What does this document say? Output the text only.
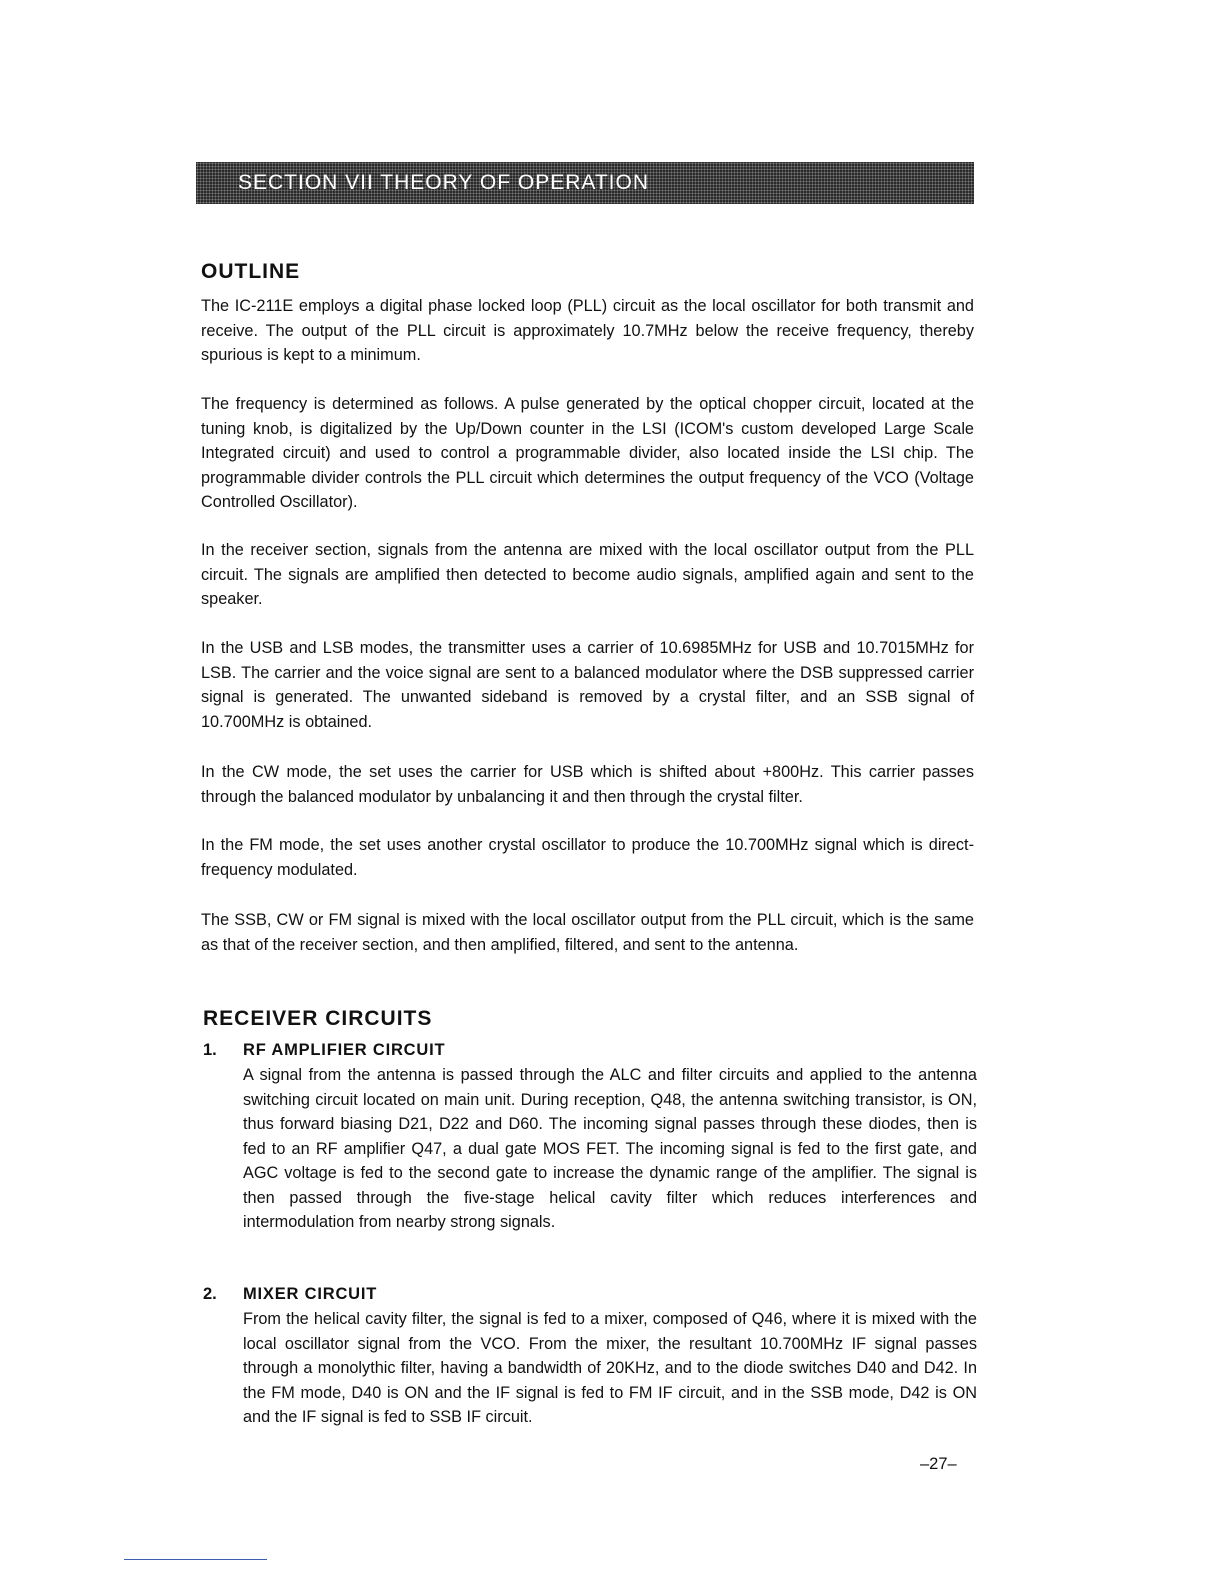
SECTION VII THEORY OF OPERATION
OUTLINE

The IC-211E employs a digital phase locked loop (PLL) circuit as the local oscillator for both transmit and receive. The output of the PLL circuit is approximately 10.7MHz below the receive frequency, thereby spurious is kept to a minimum.

The frequency is determined as follows. A pulse generated by the optical chopper circuit, located at the tuning knob, is digitalized by the Up/Down counter in the LSI (ICOM's custom developed Large Scale Integrated circuit) and used to control a programmable divider, also located inside the LSI chip. The programmable divider controls the PLL circuit which determines the output frequency of the VCO (Voltage Controlled Oscillator).

In the receiver section, signals from the antenna are mixed with the local oscillator output from the PLL circuit. The signals are amplified then detected to become audio signals, amplified again and sent to the speaker.

In the USB and LSB modes, the transmitter uses a carrier of 10.6985MHz for USB and 10.7015MHz for LSB. The carrier and the voice signal are sent to a balanced modulator where the DSB suppressed carrier signal is generated. The unwanted sideband is removed by a crystal filter, and an SSB signal of 10.700MHz is obtained.

In the CW mode, the set uses the carrier for USB which is shifted about +800Hz. This carrier passes through the balanced modulator by unbalancing it and then through the crystal filter.

In the FM mode, the set uses another crystal oscillator to produce the 10.700MHz signal which is direct-frequency modulated.

The SSB, CW or FM signal is mixed with the local oscillator output from the PLL circuit, which is the same as that of the receiver section, and then amplified, filtered, and sent to the antenna.

RECEIVER CIRCUITS
1. RF AMPLIFIER CIRCUIT

A signal from the antenna is passed through the ALC and filter circuits and applied to the antenna switching circuit located on main unit. During reception, Q48, the antenna switching transistor, is ON, thus forward biasing D21, D22 and D60. The incoming signal passes through these diodes, then is fed to an RF amplifier Q47, a dual gate MOS FET. The incoming signal is fed to the first gate, and AGC voltage is fed to the second gate to increase the dynamic range of the amplifier. The signal is then passed through the five-stage helical cavity filter which reduces interferences and intermodulation from nearby strong signals.

2. MIXER CIRCUIT

From the helical cavity filter, the signal is fed to a mixer, composed of Q46, where it is mixed with the local oscillator signal from the VCO. From the mixer, the resultant 10.700MHz IF signal passes through a monolythic filter, having a bandwidth of 20KHz, and to the diode switches D40 and D42. In the FM mode, D40 is ON and the IF signal is fed to FM IF circuit, and in the SSB mode, D42 is ON and the IF signal is fed to SSB IF circuit.

–27–
